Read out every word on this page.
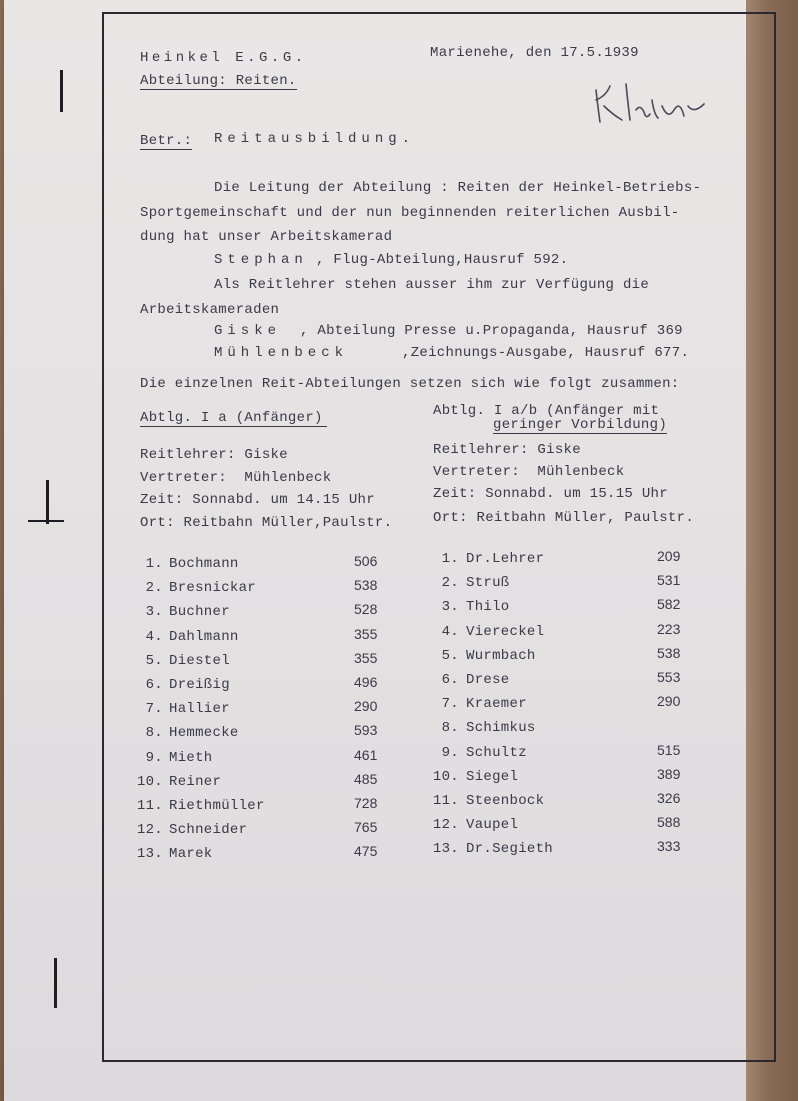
Heinkel E.G.G.
Abteilung: Reiten.
Marienehe, den 17.5.1939
Betr.: Reitausbildung.
Die Leitung der Abteilung : Reiten der Heinkel-Betriebs-
Sportgemeinschaft und der nun beginnenden reiterlichen Ausbil-
dung hat unser Arbeitskamerad
Stephan , Flug-Abteilung,Hausruf 592.
Als Reitlehrer stehen ausser ihm zur Verfügung die
Arbeitskameraden
Giske , Abteilung Presse u.Propaganda, Hausruf 369
Mühlenbeck	,Zeichnungs-Ausgabe, Hausruf 677.
Die einzelnen Reit-Abteilungen setzen sich wie folgt zusammen:
Abtlg. I a (Anfänger)
Reitlehrer: Giske
Vertreter:  Mühlenbeck
Zeit: Sonnabd. um 14.15 Uhr
Ort: Reitbahn Müller,Paulstr.
1. Bochmann	506
2. Bresnickar	538
3. Buchner	528
4. Dahlmann	355
5. Diestel	355
6. Dreißig	496
7. Hallier	290
8. Hemmecke	593
9. Mieth	461
10. Reiner	485
11. Riethmüller	728
12. Schneider	765
13. Marek	475
Abtlg. I a/b (Anfänger mit
geringer Vorbildung)
Reitlehrer: Giske
Vertreter:  Mühlenbeck
Zeit: Sonnabd. um 15.15 Uhr
Ort: Reitbahn Müller, Paulstr.
1. Dr.Lehrer	209
2. Struß	531
3. Thilo	582
4. Viereckel	223
5. Wurmbach	538
6. Drese	553
7. Kraemer	290
8. Schimkus
9. Schultz	515
10. Siegel	389
11. Steenbock	326
12. Vaupel	588
13. Dr.Segieth	333
